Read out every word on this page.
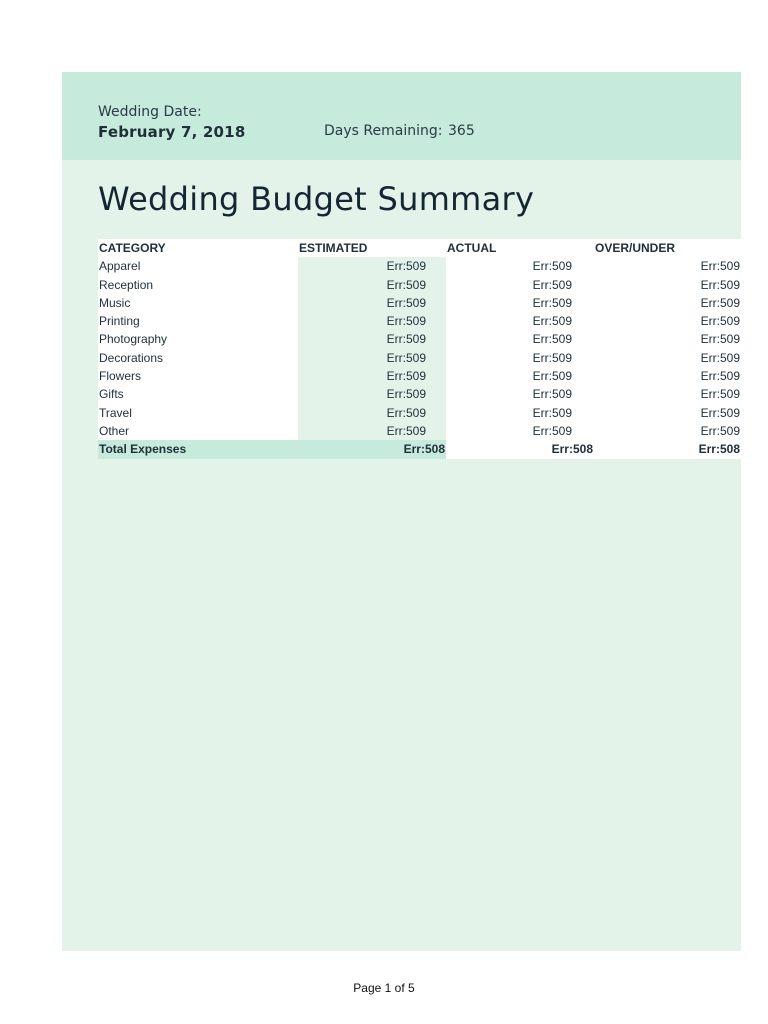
Wedding Date:
February 7, 2018	Days Remaining: 365
Wedding Budget Summary
CATEGORY	ESTIMATED	ACTUAL	OVER/UNDER
Apparel	Err:509	Err:509	Err:509
Reception	Err:509	Err:509	Err:509
Music	Err:509	Err:509	Err:509
Printing	Err:509	Err:509	Err:509
Photography	Err:509	Err:509	Err:509
Decorations	Err:509	Err:509	Err:509
Flowers	Err:509	Err:509	Err:509
Gifts	Err:509	Err:509	Err:509
Travel	Err:509	Err:509	Err:509
Other	Err:509	Err:509	Err:509
Total Expenses	Err:508	Err:508	Err:508
Page 1 of 5
